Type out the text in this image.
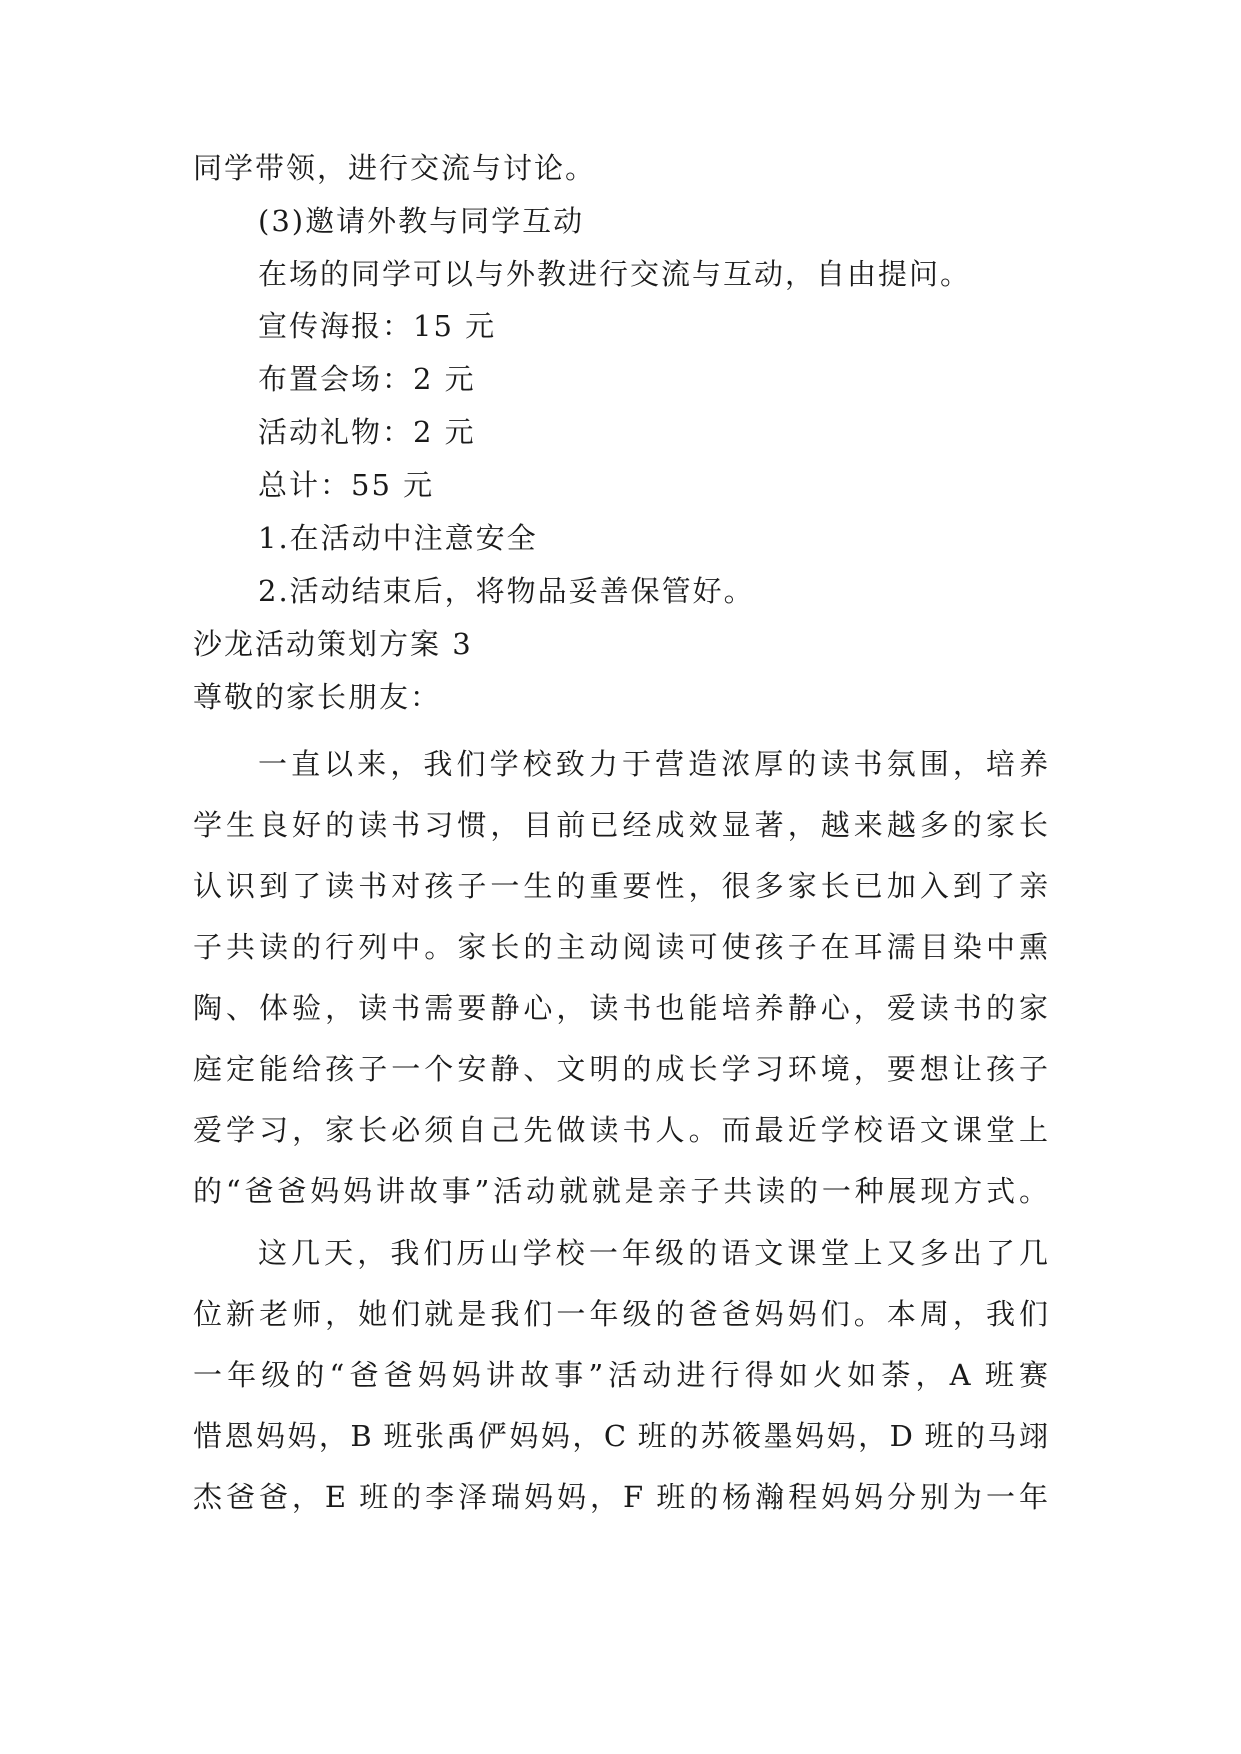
同学带领，进行交流与讨论。
(3)邀请外教与同学互动
在场的同学可以与外教进行交流与互动，自由提问。
宣传海报：15 元
布置会场：2 元
活动礼物：2 元
总计：55 元
1.在活动中注意安全
2.活动结束后，将物品妥善保管好。
沙龙活动策划方案 3
尊敬的家长朋友：
一直以来，我们学校致力于营造浓厚的读书氛围，培养
学生良好的读书习惯，目前已经成效显著，越来越多的家长
认识到了读书对孩子一生的重要性，很多家长已加入到了亲
子共读的行列中。家长的主动阅读可使孩子在耳濡目染中熏
陶、体验，读书需要静心，读书也能培养静心，爱读书的家
庭定能给孩子一个安静、文明的成长学习环境，要想让孩子
爱学习，家长必须自己先做读书人。而最近学校语文课堂上
的“爸爸妈妈讲故事”活动就就是亲子共读的一种展现方式。
这几天，我们历山学校一年级的语文课堂上又多出了几
位新老师，她们就是我们一年级的爸爸妈妈们。本周，我们
一年级的“爸爸妈妈讲故事”活动进行得如火如荼，A 班赛
惜恩妈妈，B 班张禹俨妈妈，C 班的苏筱墨妈妈，D 班的马翊
杰爸爸，E 班的李泽瑞妈妈，F 班的杨瀚程妈妈分别为一年
